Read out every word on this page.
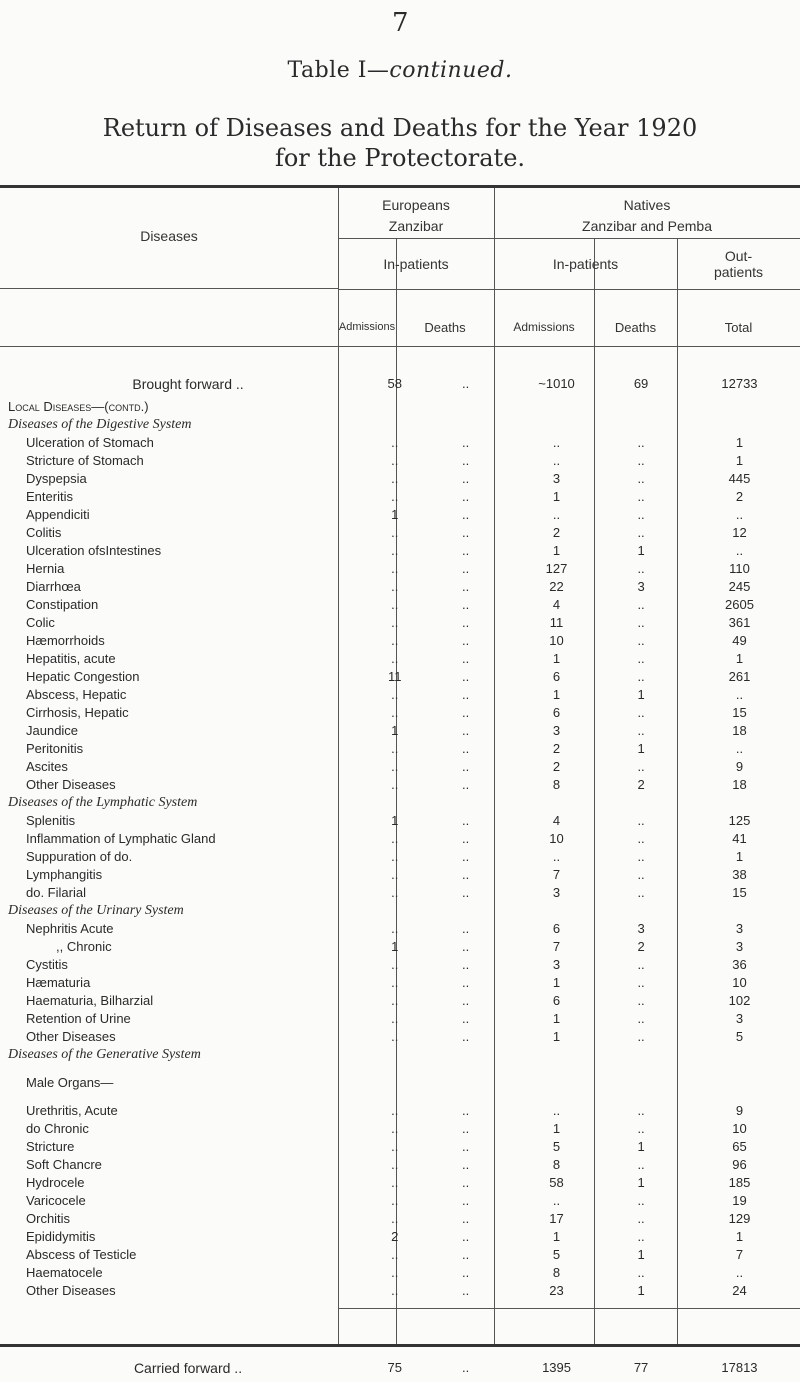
7
Table I—continued.
Return of Diseases and Deaths for the Year 1920
for the Protectorate.
Diseases
Europeans	Natives
Zanzibar	Zanzibar and Pemba
In-patients	In-patients	Out-
patients
Admissions	Deaths	Admissions	Deaths	Total
Brought forward ..	58	..	~1010	69	12733
Local Diseases—(contd.)					
Diseases of the Digestive System					
Ulceration of Stomach	..	..	..	..	1
Stricture of Stomach	..	..	..	..	1
Dyspepsia	..	..	3	..	445
Enteritis	..	..	1	..	2
Appendiciti	1	..	..	..	..
Colitis	..	..	2	..	12
Ulceration ofsIntestines	..	..	1	1	..
Hernia	..	..	127	..	110
Diarrhœa	..	..	22	3	245
Constipation	..	..	4	..	2605
Colic	..	..	11	..	361
Hæmorrhoids	..	..	10	..	49
Hepatitis, acute	..	..	1	..	1
Hepatic Congestion	11	..	6	..	261
Abscess, Hepatic	..	..	1	1	..
Cirrhosis, Hepatic	..	..	6	..	15
Jaundice	1	..	3	..	18
Peritonitis	..	..	2	1	..
Ascites	..	..	2	..	9
Other Diseases	..	..	8	2	18
Diseases of the Lymphatic System					
Splenitis	1	..	4	..	125
Inflammation of Lymphatic Gland	..	..	10	..	41
Suppuration of do.	..	..	..	..	1
Lymphangitis	..	..	7	..	38
do. Filarial	..	..	3	..	15
Diseases of the Urinary System					
Nephritis Acute	..	..	6	3	3
,, Chronic	1	..	7	2	3
Cystitis	..	..	3	..	36
Hæmaturia	..	..	1	..	10
Haematuria, Bilharzial	..	..	6	..	102
Retention of Urine	..	..	1	..	3
Other Diseases	..	..	1	..	5
Diseases of the Generative System					

Male Organs—					

Urethritis, Acute	..	..	..	..	9
do Chronic	..	..	1	..	10
Stricture	..	..	5	1	65
Soft Chancre	..	..	8	..	96
Hydrocele	..	..	58	1	185
Varicocele	..	..	..	..	19
Orchitis	..	..	17	..	129
Epididymitis	2	..	1	..	1
Abscess of Testicle	..	..	5	1	7
Haematocele	..	..	8	..	..
Other Diseases	..	..	23	1	24

Carried forward ..	75	..	1395	77	17813
